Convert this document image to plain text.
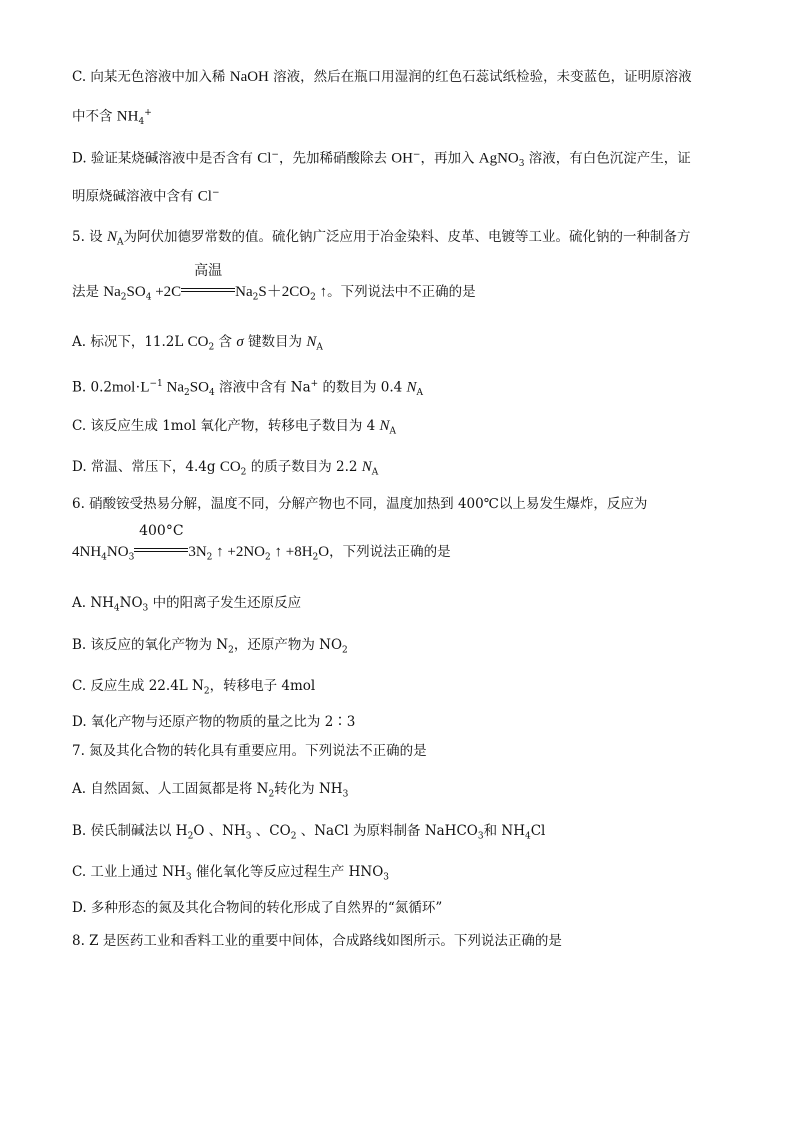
C. 向某无色溶液中加入稀 NaOH 溶液，然后在瓶口用湿润的红色石蕊试纸检验，未变蓝色，证明原溶液
中不含 $NH_4^+$
D. 验证某烧碱溶液中是否含有 Cl−，先加稀硝酸除去 OH−，再加入 AgNO$_3$ 溶液，有白色沉淀产生，证
明原烧碱溶液中含有 Cl−
5. 设 $N_A$为阿伏加德罗常数的值。硫化钠广泛应用于冶金染料、皮革、电镀等工业。硫化钠的一种制备方
法是 $Na_2SO_4 +2C$
高温
$Na_2S+2CO_2$ ↑。下列说法中不正确的是
A. 标况下，11.2L $CO_2$ 含 σ 键数目为 $N_A$
B. $0.2mol\cdot L^{-1}$ $Na_2SO_4$ 溶液中含有 Na+ 的数目为 0.4 $N_A$
C. 该反应生成 1mol 氧化产物，转移电子数目为 4 $N_A$
D. 常温、常压下，4.4g $CO_2$ 的质子数目为 2.2 $N_A$
6. 硝酸铵受热易分解，温度不同，分解产物也不同，温度加热到 400℃以上易发生爆炸，反应为
$4NH_4NO_3$
400°C
$3N_2$ ↑ $+2NO_2$ ↑ $+8H_2O$，下列说法正确的是
A. $NH_4NO_3$ 中的阳离子发生还原反应
B. 该反应的氧化产物为 $N_2$，还原产物为 $NO_2$
C. 反应生成 22.4L $N_2$，转移电子 4mol
D. 氧化产物与还原产物的物质的量之比为 2∶3
7. 氮及其化合物的转化具有重要应用。下列说法不正确的是
A. 自然固氮、人工固氮都是将 $N_2$转化为 $NH_3$
B. 侯氏制碱法以 $H_2O$ 、$NH_3$ 、$CO_2$ 、NaCl 为原料制备 NaHCO$_3$和 $NH_4Cl$
C. 工业上通过 $NH_3$ 催化氧化等反应过程生产 $HNO_3$
D. 多种形态的氮及其化合物间的转化形成了自然界的“氮循环”
8. Z 是医药工业和香料工业的重要中间体，合成路线如图所示。下列说法正确的是
